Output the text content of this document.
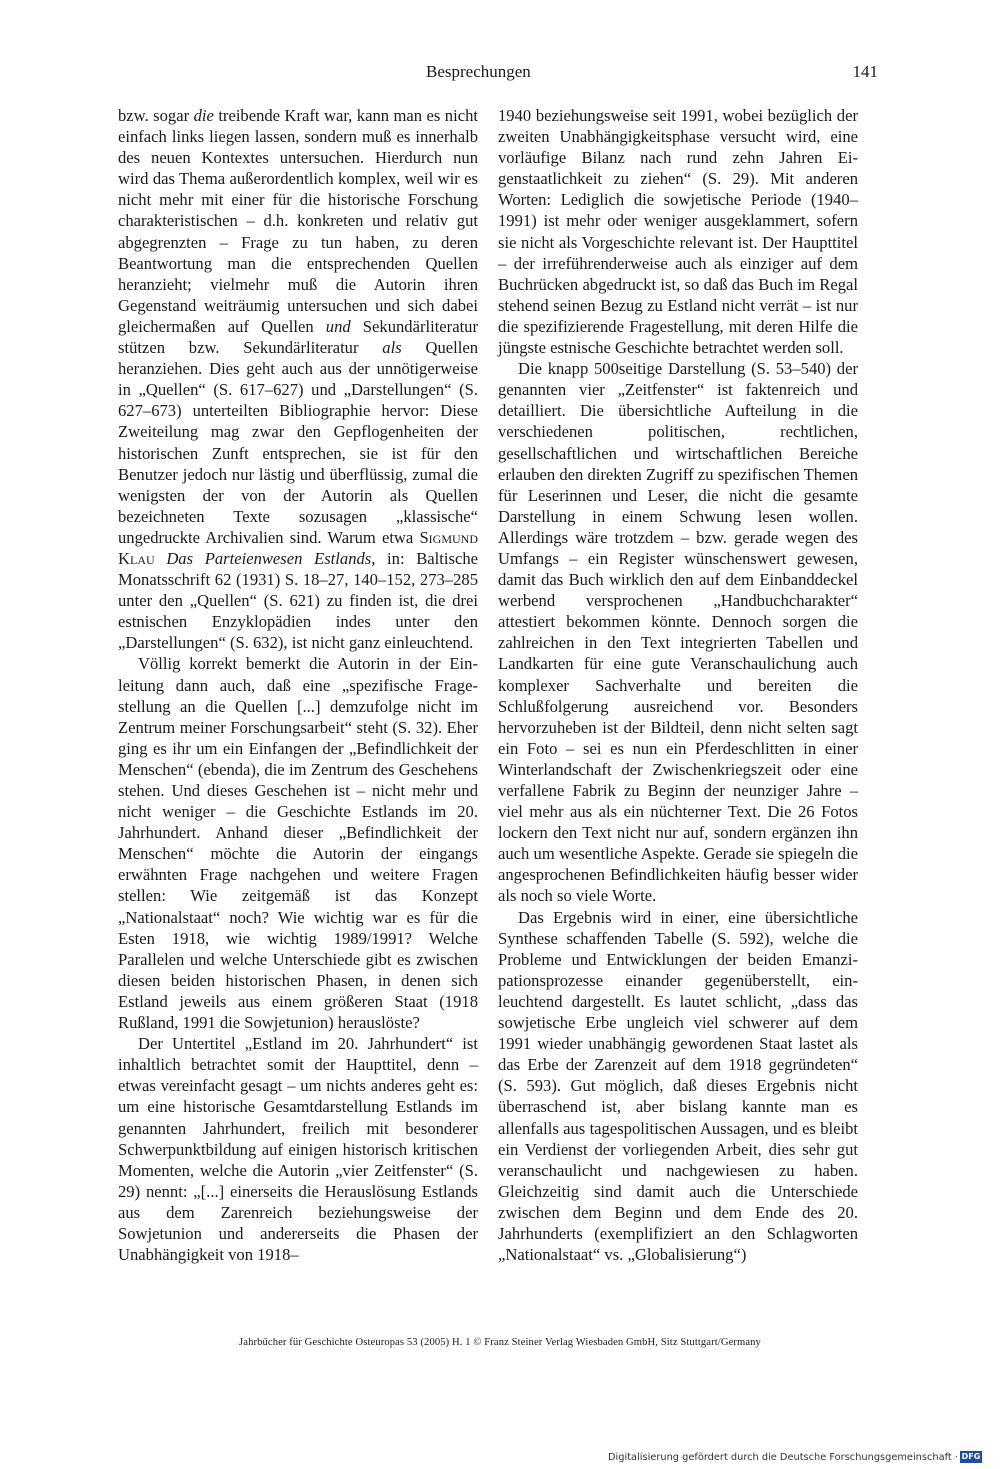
Besprechungen	141

bzw. sogar die treibende Kraft war, kann man es nicht einfach links liegen lassen, sondern muß es innerhalb des neuen Kontextes untersuchen. Hierdurch nun wird das Thema außerordentlich komplex, weil wir es nicht mehr mit einer für die historische Forschung charakteristischen – d.h. konkreten und relativ gut abgegrenzten – Frage zu tun haben, zu deren Beantwortung man die entsprechenden Quellen heranzieht; vielmehr muß die Autorin ihren Gegenstand weiträumig untersuchen und sich dabei gleichermaßen auf Quellen und Sekundärliteratur stützen bzw. Sekundärliteratur als Quellen heranziehen. Dies geht auch aus der unnötigerweise in „Quellen“ (S. 617–627) und „Darstellungen“ (S. 627–673) unterteilten Bibliographie hervor: Diese Zweiteilung mag zwar den Gepflogenheiten der historischen Zunft entsprechen, sie ist für den Benutzer jedoch nur lästig und überflüssig, zumal die wenigsten der von der Autorin als Quellen bezeichneten Texte sozusagen „klassische“ ungedruckte Archivalien sind. Warum etwa Sigmund Klau Das Parteienwesen Estlands, in: Baltische Monatsschrift 62 (1931) S. 18–27, 140–152, 273–285 unter den „Quellen“ (S. 621) zu finden ist, die drei estnischen Enzyklopädien indes unter den „Darstellungen“ (S. 632), ist nicht ganz einleuchtend.

Völlig korrekt bemerkt die Autorin in der Einleitung dann auch, daß eine „spezifische Fragestellung an die Quellen [...] demzufolge nicht im Zentrum meiner Forschungsarbeit“ steht (S. 32). Eher ging es ihr um ein Einfangen der „Befindlichkeit der Menschen“ (ebenda), die im Zentrum des Geschehens stehen. Und dieses Geschehen ist – nicht mehr und nicht weniger – die Geschichte Estlands im 20. Jahrhundert. Anhand dieser „Befindlichkeit der Menschen“ möchte die Autorin der eingangs erwähnten Frage nachgehen und weitere Fragen stellen: Wie zeitgemäß ist das Konzept „Nationalstaat“ noch? Wie wichtig war es für die Esten 1918, wie wichtig 1989/1991? Welche Parallelen und welche Unterschiede gibt es zwischen diesen beiden historischen Phasen, in denen sich Estland jeweils aus einem größeren Staat (1918 Rußland, 1991 die Sowjetunion) herauslöste?

Der Untertitel „Estland im 20. Jahrhundert“ ist inhaltlich betrachtet somit der Haupttitel, denn – etwas vereinfacht gesagt – um nichts anderes geht es: um eine historische Gesamtdarstellung Estlands im genannten Jahrhundert, freilich mit besonderer Schwerpunktbildung auf einigen historisch kritischen Momenten, welche die Autorin „vier Zeitfenster“ (S. 29) nennt: „[...] einerseits die Herauslösung Estlands aus dem Zarenreich beziehungsweise der Sowjetunion und andererseits die Phasen der Unabhängigkeit von 1918–

1940 beziehungsweise seit 1991, wobei bezüglich der zweiten Unabhängigkeitsphase versucht wird, eine vorläufige Bilanz nach rund zehn Jahren Eigenstaatlichkeit zu ziehen“ (S. 29). Mit anderen Worten: Lediglich die sowjetische Periode (1940–1991) ist mehr oder weniger ausgeklammert, sofern sie nicht als Vorgeschichte relevant ist. Der Haupttitel – der irreführenderweise auch als einziger auf dem Buchrücken abgedruckt ist, so daß das Buch im Regal stehend seinen Bezug zu Estland nicht verrät – ist nur die spezifizierende Fragestellung, mit deren Hilfe die jüngste estnische Geschichte betrachtet werden soll.

Die knapp 500seitige Darstellung (S. 53–540) der genannten vier „Zeitfenster“ ist faktenreich und detailliert. Die übersichtliche Aufteilung in die verschiedenen politischen, rechtlichen, gesellschaftlichen und wirtschaftlichen Bereiche erlauben den direkten Zugriff zu spezifischen Themen für Leserinnen und Leser, die nicht die gesamte Darstellung in einem Schwung lesen wollen. Allerdings wäre trotzdem – bzw. gerade wegen des Umfangs – ein Register wünschenswert gewesen, damit das Buch wirklich den auf dem Einbanddeckel werbend versprochenen „Handbuchcharakter“ attestiert bekommen könnte. Dennoch sorgen die zahlreichen in den Text integrierten Tabellen und Landkarten für eine gute Veranschaulichung auch komplexer Sachverhalte und bereiten die Schlußfolgerung ausreichend vor. Besonders hervorzuheben ist der Bildteil, denn nicht selten sagt ein Foto – sei es nun ein Pferdeschlitten in einer Winterlandschaft der Zwischenkriegszeit oder eine verfallene Fabrik zu Beginn der neunziger Jahre – viel mehr aus als ein nüchterner Text. Die 26 Fotos lockern den Text nicht nur auf, sondern ergänzen ihn auch um wesentliche Aspekte. Gerade sie spiegeln die angesprochenen Befindlichkeiten häufig besser wider als noch so viele Worte.

Das Ergebnis wird in einer, eine übersichtliche Synthese schaffenden Tabelle (S. 592), welche die Probleme und Entwicklungen der beiden Emanzipationsprozesse einander gegenüberstellt, einleuchtend dargestellt. Es lautet schlicht, „dass das sowjetische Erbe ungleich viel schwerer auf dem 1991 wieder unabhängig gewordenen Staat lastet als das Erbe der Zarenzeit auf dem 1918 gegründeten“ (S. 593). Gut möglich, daß dieses Ergebnis nicht überraschend ist, aber bislang kannte man es allenfalls aus tagespolitischen Aussagen, und es bleibt ein Verdienst der vorliegenden Arbeit, dies sehr gut veranschaulicht und nachgewiesen zu haben. Gleichzeitig sind damit auch die Unterschiede zwischen dem Beginn und dem Ende des 20. Jahrhunderts (exemplifiziert an den Schlagworten „Nationalstaat“ vs. „Globalisierung“)

Jahrbücher für Geschichte Osteuropas 53 (2005) H. 1 © Franz Steiner Verlag Wiesbaden GmbH, Sitz Stuttgart/Germany
Digitalisierung gefördert durch die Deutsche Forschungsgemeinschaft · DFG
